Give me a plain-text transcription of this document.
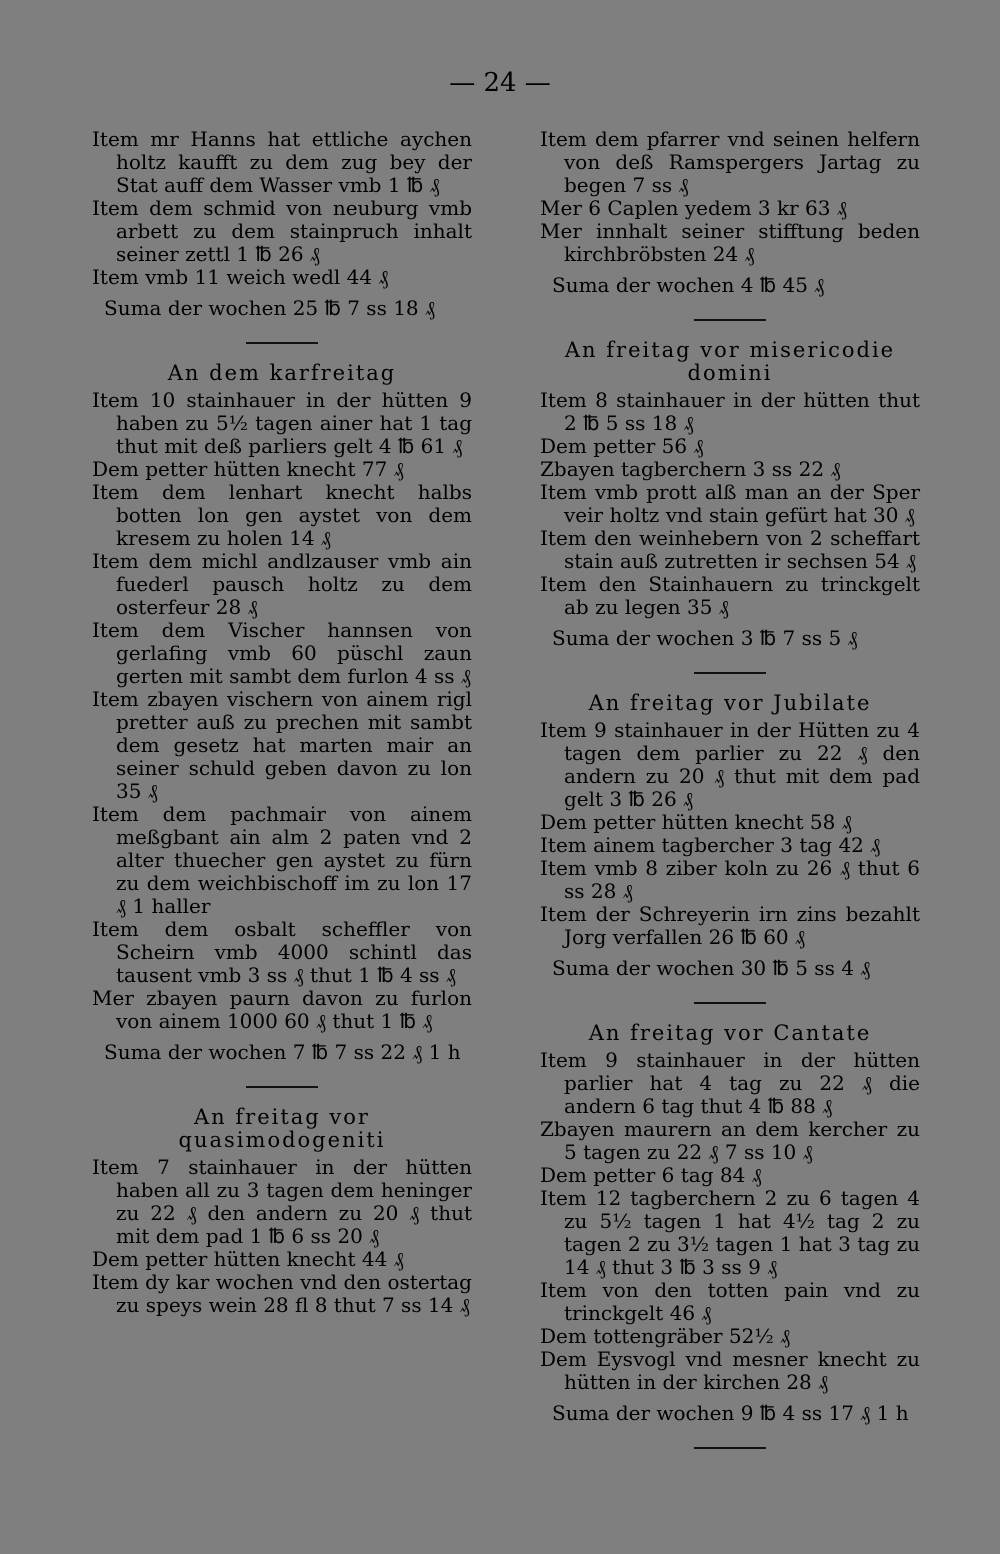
— 24 —

Item mr Hanns hat ettliche aychen holtz kaufft zu dem zug bey der Stat auff dem Wasser vmb 1 ℔ ₰

Item dem schmid von neuburg vmb arbett zu dem stainpruch inhalt seiner zettl 1 ℔ 26 ₰

Item vmb 11 weich wedl 44 ₰

Suma der wochen 25 ℔ 7 ss 18 ₰
An dem karfreitag

Item 10 stainhauer in der hütten 9 haben zu 5½ tagen ainer hat 1 tag thut mit deß parliers gelt 4 ℔ 61 ₰

Dem petter hütten knecht 77 ₰

Item dem lenhart knecht halbs botten lon gen aystet von dem kresem zu holen 14 ₰

Item dem michl andlzauser vmb ain fuederl pausch holtz zu dem osterfeur 28 ₰

Item dem Vischer hannsen von gerlafing vmb 60 püschl zaun gerten mit sambt dem furlon 4 ss ₰

Item zbayen vischern von ainem rigl pretter auß zu prechen mit sambt dem gesetz hat marten mair an seiner schuld geben davon zu lon 35 ₰

Item dem pachmair von ainem meßgbant ain alm 2 paten vnd 2 alter thuecher gen aystet zu fürn zu dem weichbischoff im zu lon 17 ₰ 1 haller

Item dem osbalt scheffler von Scheirn vmb 4000 schintl das tausent vmb 3 ss ₰ thut 1 ℔ 4 ss ₰

Mer zbayen paurn davon zu furlon von ainem 1000 60 ₰ thut 1 ℔ ₰

Suma der wochen 7 ℔ 7 ss 22 ₰ 1 h
An freitag vor quasimodogeniti

Item 7 stainhauer in der hütten haben all zu 3 tagen dem heninger zu 22 ₰ den andern zu 20 ₰ thut mit dem pad 1 ℔ 6 ss 20 ₰

Dem petter hütten knecht 44 ₰

Item dy kar wochen vnd den ostertag zu speys wein 28 fl 8 thut 7 ss 14 ₰

Item dem pfarrer vnd seinen helfern von deß Ramspergers Jartag zu begen 7 ss ₰

Mer 6 Caplen yedem 3 kr 63 ₰

Mer innhalt seiner stifftung beden kirchbröbsten 24 ₰

Suma der wochen 4 ℔ 45 ₰
An freitag vor misericodie domini

Item 8 stainhauer in der hütten thut 2 ℔ 5 ss 18 ₰

Dem petter 56 ₰

Zbayen tagberchern 3 ss 22 ₰

Item vmb prott alß man an der Sper veir holtz vnd stain gefürt hat 30 ₰

Item den weinhebern von 2 scheffart stain auß zutretten ir sechsen 54 ₰

Item den Stainhauern zu trinckgelt ab zu legen 35 ₰

Suma der wochen 3 ℔ 7 ss 5 ₰
An freitag vor Jubilate

Item 9 stainhauer in der Hütten zu 4 tagen dem parlier zu 22 ₰ den andern zu 20 ₰ thut mit dem pad gelt 3 ℔ 26 ₰

Dem petter hütten knecht 58 ₰

Item ainem tagbercher 3 tag 42 ₰

Item vmb 8 ziber koln zu 26 ₰ thut 6 ss 28 ₰

Item der Schreyerin irn zins bezahlt Jorg verfallen 26 ℔ 60 ₰

Suma der wochen 30 ℔ 5 ss 4 ₰
An freitag vor Cantate

Item 9 stainhauer in der hütten parlier hat 4 tag zu 22 ₰ die andern 6 tag thut 4 ℔ 88 ₰

Zbayen maurern an dem kercher zu 5 tagen zu 22 ₰ 7 ss 10 ₰

Dem petter 6 tag 84 ₰

Item 12 tagberchern 2 zu 6 tagen 4 zu 5½ tagen 1 hat 4½ tag 2 zu tagen 2 zu 3½ tagen 1 hat 3 tag zu 14 ₰ thut 3 ℔ 3 ss 9 ₰

Item von den totten pain vnd zu trinckgelt 46 ₰

Dem tottengräber 52½ ₰

Dem Eysvogl vnd mesner knecht zu hütten in der kirchen 28 ₰

Suma der wochen 9 ℔ 4 ss 17 ₰ 1 h
